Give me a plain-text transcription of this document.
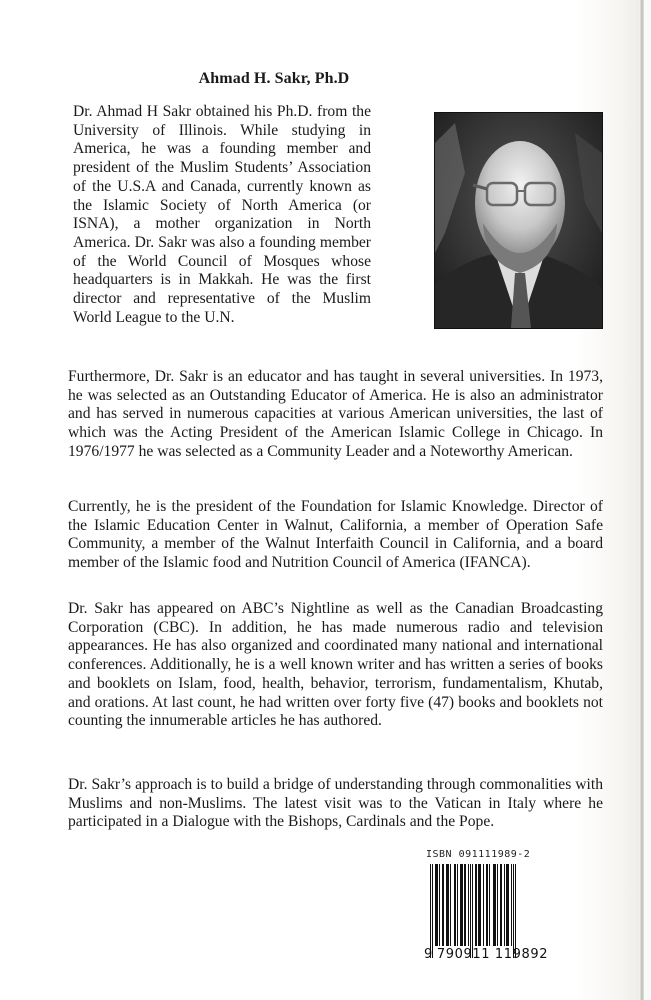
Ahmad H. Sakr, Ph.D

Dr. Ahmad H Sakr obtained his Ph.D. from the University of Illinois. While studying in America, he was a founding member and president of the Muslim Students’ Association of the U.S.A and Canada, currently known as the Islamic Society of North America (or ISNA), a mother organization in North America. Dr. Sakr was also a founding member of the World Council of Mosques whose headquarters is in Makkah. He was the first director and representative of the Muslim World League to the U.N.

Furthermore, Dr. Sakr is an educator and has taught in several universities. In 1973, he was selected as an Outstanding Educator of America. He is also an administrator and has served in numerous capacities at various American universities, the last of which was the Acting President of the American Islamic College in Chicago. In 1976/1977 he was selected as a Community Leader and a Noteworthy American.

Currently, he is the president of the Foundation for Islamic Knowledge. Director of the Islamic Education Center in Walnut, California, a member of Operation Safe Community, a member of the Walnut Interfaith Council in California, and a board member of the Islamic food and Nutrition Council of America (IFANCA).

Dr. Sakr has appeared on ABC’s Nightline as well as the Canadian Broadcasting Corporation (CBC). In addition, he has made numerous radio and television appearances. He has also organized and coordinated many national and international conferences. Additionally, he is a well known writer and has written a series of books and booklets on Islam, food, health, behavior, terrorism, fundamentalism, Khutab, and orations. At last count, he had written over forty five (47) books and booklets not counting the innumerable articles he has authored.

Dr. Sakr’s approach is to build a bridge of understanding through commonalities with Muslims and non-Muslims. The latest visit was to the Vatican in Italy where he participated in a Dialogue with the Bishops, Cardinals and the Pope.

ISBN 091111989-2
9 790911 119892
